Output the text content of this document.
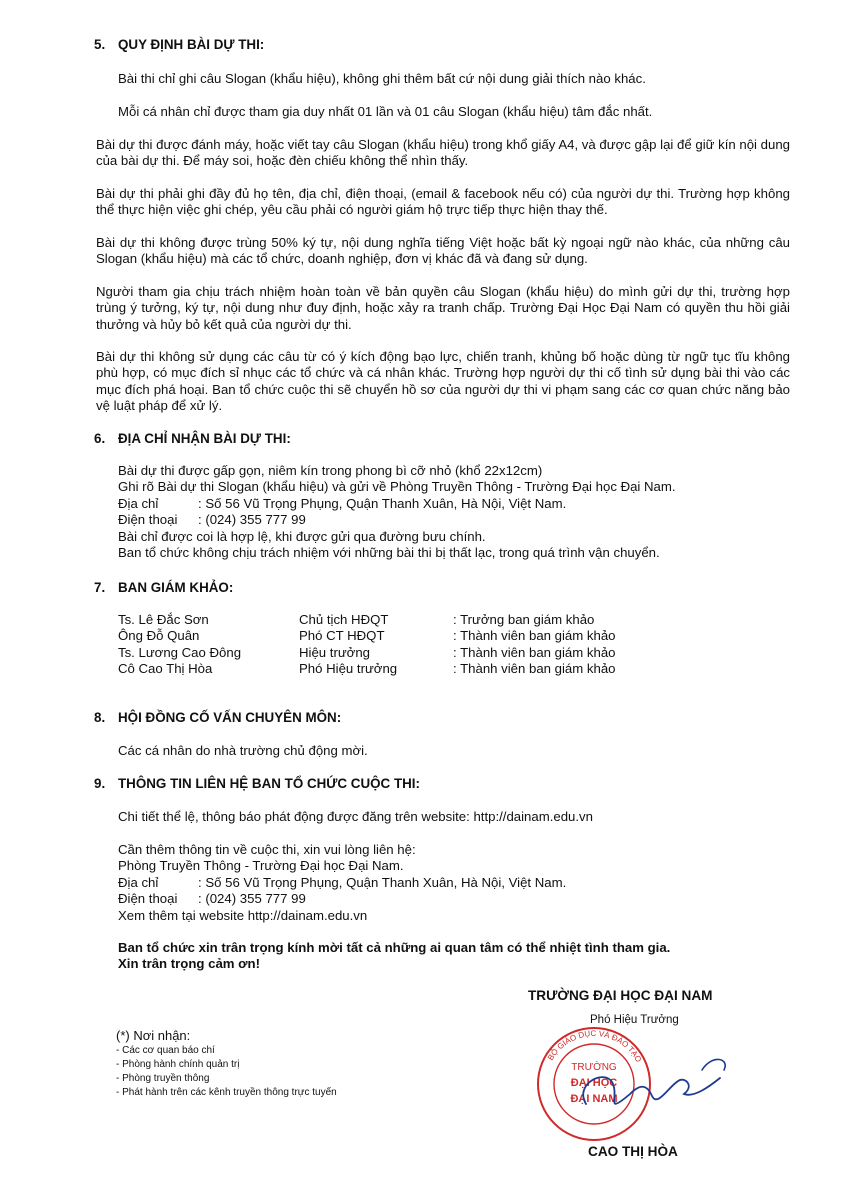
5. QUY ĐỊNH BÀI DỰ THI:

Bài thi chỉ ghi câu Slogan (khẩu hiệu), không ghi thêm bất cứ nội dung giải thích nào khác.

Mỗi cá nhân chỉ được tham gia duy nhất 01 lần và 01 câu Slogan (khẩu hiệu) tâm đắc nhất.

Bài dự thi được đánh máy, hoặc viết tay câu Slogan (khẩu hiệu) trong khổ giấy A4, và được gập lại để giữ kín nội dung của bài dự thi. Để máy soi, hoặc đèn chiếu không thể nhìn thấy.

Bài dự thi phải ghi đầy đủ họ tên, địa chỉ, điện thoại, (email & facebook nếu có) của người dự thi. Trường hợp không thể thực hiện việc ghi chép, yêu cầu phải có người giám hộ trực tiếp thực hiện thay thế.

Bài dự thi không được trùng 50% ký tự, nội dung nghĩa tiếng Việt hoặc bất kỳ ngoại ngữ nào khác, của những câu Slogan (khẩu hiệu) mà các tổ chức, doanh nghiệp, đơn vị khác đã và đang sử dụng.

Người tham gia chịu trách nhiệm hoàn toàn về bản quyền câu Slogan (khẩu hiệu) do mình gửi dự thi, trường hợp trùng ý tưởng, ký tự, nội dung như đuy định, hoặc xảy ra tranh chấp. Trường Đại Học Đại Nam có quyền thu hồi giải thưởng và hủy bỏ kết quả của người dự thi.

Bài dự thi không sử dụng các câu từ có ý kích động bạo lực, chiến tranh, khủng bố hoặc dùng từ ngữ tục tĩu không phù hợp, có mục đích sỉ nhục các tổ chức và cá nhân khác. Trường hợp người dự thi cố tình sử dụng bài thi vào các mục đích phá hoại. Ban tổ chức cuộc thi sẽ chuyển hồ sơ của người dự thi vi phạm sang các cơ quan chức năng bảo vệ luật pháp để xử lý.

6. ĐỊA CHỈ NHẬN BÀI DỰ THI:
Bài dự thi được gấp gọn, niêm kín trong phong bì cỡ nhỏ (khổ 22x12cm)
Ghi rõ Bài dự thi Slogan (khẩu hiệu) và gửi về Phòng Truyền Thông - Trường Đại học Đại Nam.
Địa chỉ	: Số 56 Vũ Trọng Phụng, Quận Thanh Xuân, Hà Nội, Việt Nam.
Điện thoại : (024) 355 777 99
Bài chỉ được coi là hợp lệ, khi được gửi qua đường bưu chính.
Ban tổ chức không chịu trách nhiệm với những bài thi bị thất lạc, trong quá trình vận chuyển.
7. BAN GIÁM KHẢO:
Ts. Lê Đắc Sơn	Chủ tịch HĐQT	: Trưởng ban giám khảo
Ông Đỗ Quân	Phó CT HĐQT	: Thành viên ban giám khảo
Ts. Lương Cao Đông	Hiệu trưởng	: Thành viên ban giám khảo
Cô Cao Thị Hòa	Phó Hiệu trưởng	: Thành viên ban giám khảo
8. HỘI ĐỒNG CỐ VẤN CHUYÊN MÔN:
Các cá nhân do nhà trường chủ động mời.
9. THÔNG TIN LIÊN HỆ BAN TỔ CHỨC CUỘC THI:
Chi tiết thể lệ, thông báo phát động được đăng trên website: http://dainam.edu.vn
Cần thêm thông tin về cuộc thi, xin vui lòng liên hệ:
Phòng Truyền Thông - Trường Đại học Đại Nam.
Địa chỉ	: Số 56 Vũ Trọng Phụng, Quận Thanh Xuân, Hà Nội, Việt Nam.
Điện thoại : (024) 355 777 99
Xem thêm tại website http://dainam.edu.vn
Ban tổ chức xin trân trọng kính mời tất cả những ai quan tâm có thể nhiệt tình tham gia.
Xin trân trọng cảm ơn!
TRƯỜNG ĐẠI HỌC ĐẠI NAM
Phó Hiệu Trưởng
BỘ GIÁO DỤC VÀ ĐÀO TẠO
TRƯỜNG
ĐẠI HỌC
ĐẠI NAM
CAO THỊ HÒA
(*) Nơi nhận:
- Các cơ quan báo chí
- Phòng hành chính quản trị
- Phòng truyền thông
- Phát hành trên các kênh truyền thông trực tuyến
